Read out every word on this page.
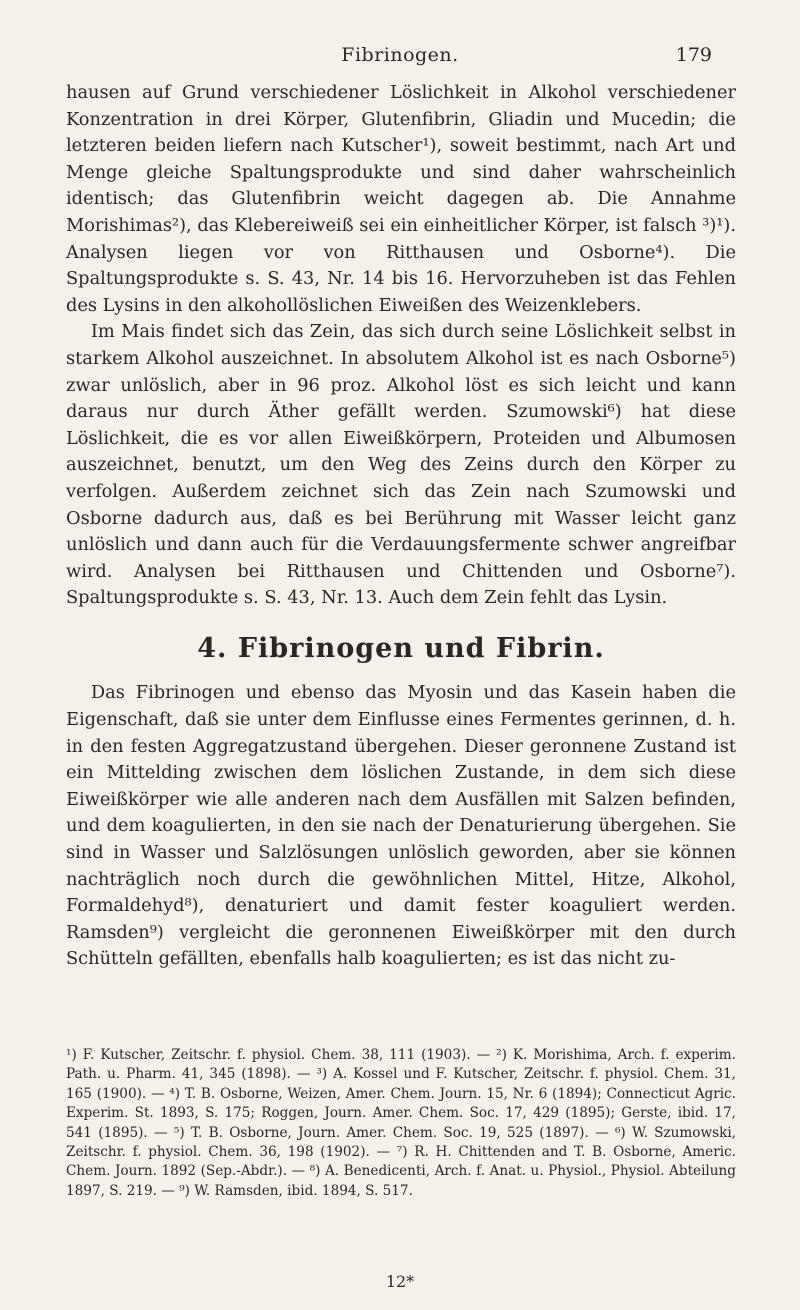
Fibrinogen.	179

hausen auf Grund verschiedener Löslichkeit in Alkohol verschiedener Konzentration in drei Körper, Glutenfibrin, Gliadin und Mucedin; die letzteren beiden liefern nach Kutscher¹), soweit bestimmt, nach Art und Menge gleiche Spaltungsprodukte und sind daher wahrscheinlich identisch; das Glutenfibrin weicht dagegen ab. Die Annahme Morishimas²), das Klebereiweiß sei ein einheitlicher Körper, ist falsch ³)¹). Analysen liegen vor von Ritthausen und Osborne⁴). Die Spaltungsprodukte s. S. 43, Nr. 14 bis 16. Hervorzuheben ist das Fehlen des Lysins in den alkohollöslichen Eiweißen des Weizenklebers.

Im Mais findet sich das Zein, das sich durch seine Löslichkeit selbst in starkem Alkohol auszeichnet. In absolutem Alkohol ist es nach Osborne⁵) zwar unlöslich, aber in 96 proz. Alkohol löst es sich leicht und kann daraus nur durch Äther gefällt werden. Szumowski⁶) hat diese Löslichkeit, die es vor allen Eiweißkörpern, Proteiden und Albumosen auszeichnet, benutzt, um den Weg des Zeins durch den Körper zu verfolgen. Außerdem zeichnet sich das Zein nach Szumowski und Osborne dadurch aus, daß es bei Berührung mit Wasser leicht ganz unlöslich und dann auch für die Verdauungsfermente schwer angreifbar wird. Analysen bei Ritthausen und Chittenden und Osborne⁷). Spaltungsprodukte s. S. 43, Nr. 13. Auch dem Zein fehlt das Lysin.

4. Fibrinogen und Fibrin.

Das Fibrinogen und ebenso das Myosin und das Kasein haben die Eigenschaft, daß sie unter dem Einflusse eines Fermentes gerinnen, d. h. in den festen Aggregatzustand übergehen. Dieser geronnene Zustand ist ein Mittelding zwischen dem löslichen Zustande, in dem sich diese Eiweißkörper wie alle anderen nach dem Ausfällen mit Salzen befinden, und dem koagulierten, in den sie nach der Denaturierung übergehen. Sie sind in Wasser und Salzlösungen unlöslich geworden, aber sie können nachträglich noch durch die gewöhnlichen Mittel, Hitze, Alkohol, Formaldehyd⁸), denaturiert und damit fester koaguliert werden. Ramsden⁹) vergleicht die geronnenen Eiweißkörper mit den durch Schütteln gefällten, ebenfalls halb koagulierten; es ist das nicht zu-

¹) F. Kutscher, Zeitschr. f. physiol. Chem. 38, 111 (1903). — ²) K. Morishima, Arch. f. experim. Path. u. Pharm. 41, 345 (1898). — ³) A. Kossel und F. Kutscher, Zeitschr. f. physiol. Chem. 31, 165 (1900). — ⁴) T. B. Osborne, Weizen, Amer. Chem. Journ. 15, Nr. 6 (1894); Connecticut Agric. Experim. St. 1893, S. 175; Roggen, Journ. Amer. Chem. Soc. 17, 429 (1895); Gerste, ibid. 17, 541 (1895). — ⁵) T. B. Osborne, Journ. Amer. Chem. Soc. 19, 525 (1897). — ⁶) W. Szumowski, Zeitschr. f. physiol. Chem. 36, 198 (1902). — ⁷) R. H. Chittenden and T. B. Osborne, Americ. Chem. Journ. 1892 (Sep.-Abdr.). — ⁸) A. Benedicenti, Arch. f. Anat. u. Physiol., Physiol. Abteilung 1897, S. 219. — ⁹) W. Ramsden, ibid. 1894, S. 517.

12*
